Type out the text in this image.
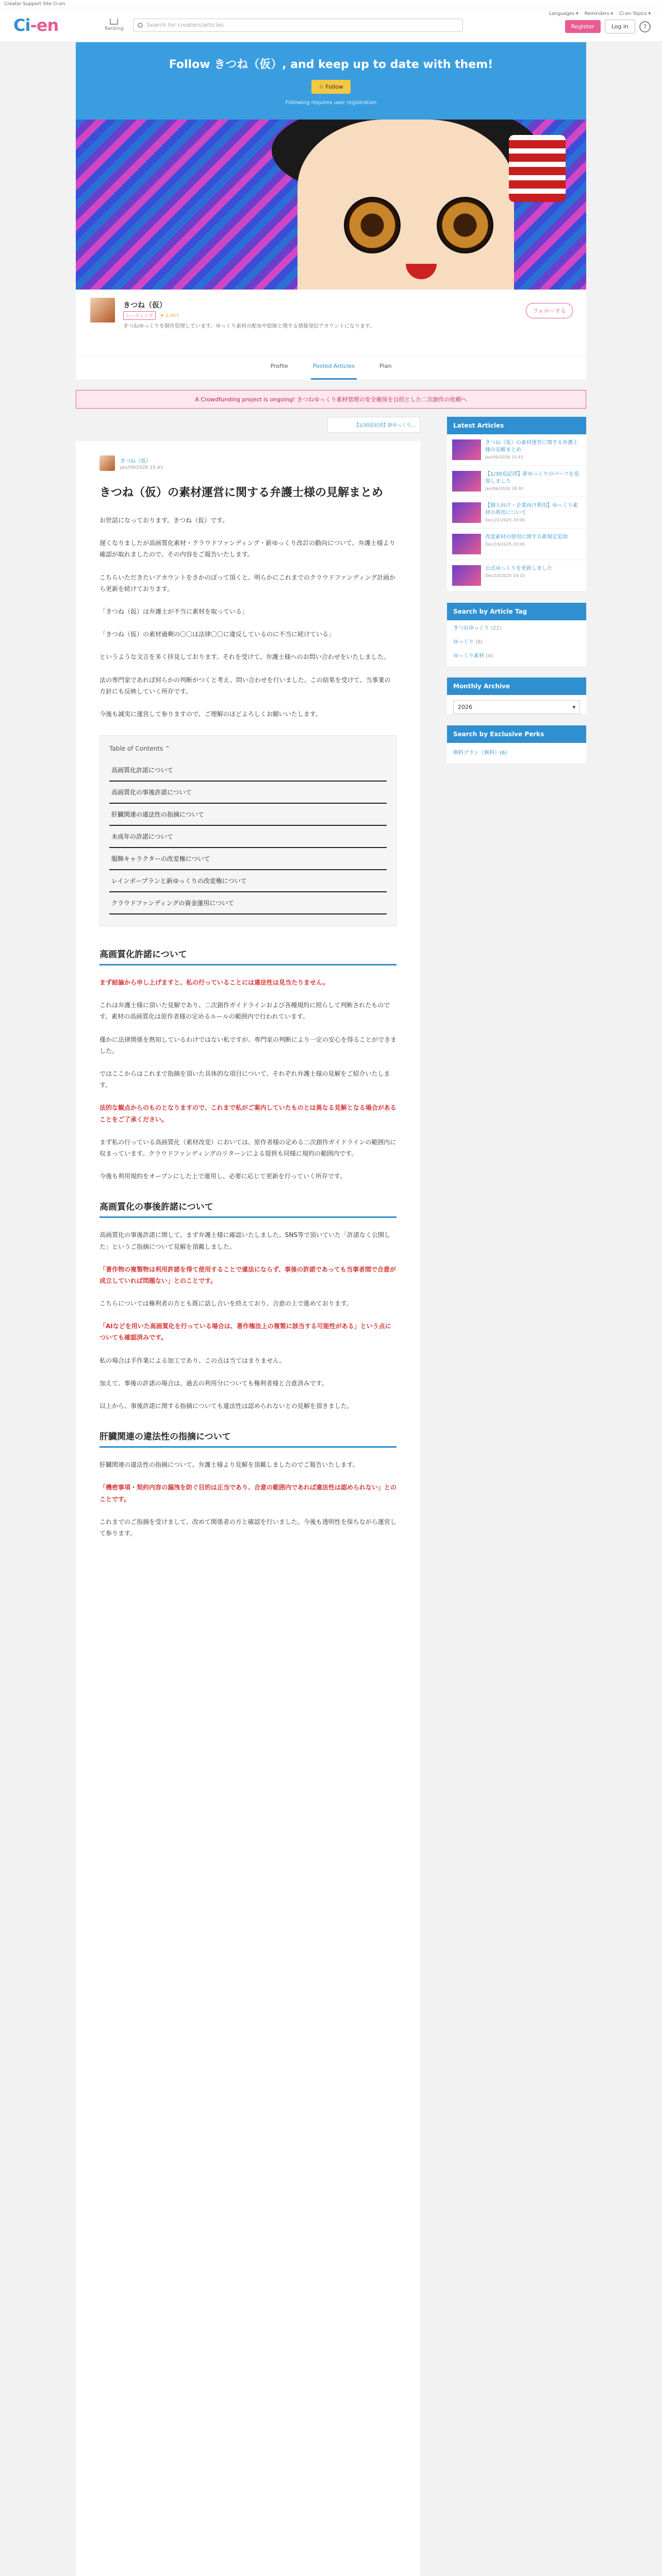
Creator Support Site Ci-en
Ci-en	Ranking
Search for creators/articles
Languages ▾ Reminders ▾ Ci-en Topics ▾
Register	Log in	?
Follow きつね（仮）, and keep up to date with them!
☆ Follow
Following requires user registration
きつね（仮）
レーティング	★ 1,067
きつねゆっくりを制作管理しています。ゆっくり素材の配布や絵師と関する情報発信アカウントになります。
フォローする
Profile	Posted Articles	Plan
A Crowdfunding project is ongoing! きつねゆっくり素材管理の安全確保を目的とした二次創作の依頼へ
【1/30追記済】新ゆっくり…
きつね（仮）
Jan/09/2026 15:43
きつね（仮）の素材運営に関する弁護士様の見解まとめ

お世話になっております。きつね（仮）です。

遅くなりましたが高画質化素材・クラウドファンディング・新ゆっくり改訂の動向について、弁護士様より確認が取れましたので、その内容をご報告いたします。

こちらいただきたいアカウントをさかのぼって頂くと、明らかにこれまでのクラウドファンディング計画から更新を続けております。

「きつね（仮）は弁護士が不当に素材を取っている」

「きつね（仮）の素材過剰の〇〇は法律〇〇に違反しているのに不当に続けている」

というような文言を多く拝見しております。それを受けて、弁護士様へのお問い合わせをいたしました。

法の専門家であれば何らかの判断がつくと考え、問い合わせを行いました。この結果を受けて、当事業の方針にも反映していく所存です。

今後も誠実に運営して参りますので、ご理解のほどよろしくお願いいたします。

Table of Contents ⌃
高画質化許諾について
高画質化の事後許諾について
肝臓関連の違法性の指摘について
未成年の許諾について
服飾キャラクターの改変権について
レインボープランと新ゆっくりの改変権について
クラウドファンディングの資金運用について
高画質化許諾について

まず結論から申し上げますと、私の行っていることには違法性は見当たりません。

これは弁護士様に頂いた見解であり、二次創作ガイドラインおよび各種規約に照らして判断されたものです。素材の高画質化は原作者様の定めるルールの範囲内で行われています。

僅かに法律関係を熟知しているわけではない私ですが、専門家の判断により一定の安心を得ることができました。

ではここからはこれまで指摘を頂いた具体的な項目について、それぞれ弁護士様の見解をご紹介いたします。

法的な観点からのものとなりますので、これまで私がご案内していたものとは異なる見解となる場合があることをご了承ください。

まず私の行っている高画質化（素材改変）においては、原作者様の定める二次創作ガイドラインの範囲内に収まっています。クラウドファンディングのリターンによる提供も同様に規約の範囲内です。

今後も利用規約をオープンにした上で運用し、必要に応じて更新を行っていく所存です。

高画質化の事後許諾について

高画質化の事後許諾に関して、まず弁護士様に確認いたしました。SNS等で頂いていた「許諾なく公開した」というご指摘について見解を頂戴しました。

「著作物の複製物は利用許諾を得て使用することで違法にならず、事後の許諾であっても当事者間で合意が成立していれば問題ない」とのことです。

こちらについては権利者の方とも既に話し合いを終えており、合意の上で進めております。

「AIなどを用いた高画質化を行っている場合は、著作権法上の複製に該当する可能性がある」という点についても確認済みです。

私の場合は手作業による加工であり、この点は当てはまりません。

加えて、事後の許諾の場合は、過去の利用分についても権利者様と合意済みです。

以上から、事後許諾に関する指摘についても違法性は認められないとの見解を頂きました。

肝臓関連の違法性の指摘について

肝臓関連の違法性の指摘について、弁護士様より見解を頂戴しましたのでご報告いたします。

「機密事項・契約内容の漏洩を防ぐ目的は正当であり、合意の範囲内であれば違法性は認められない」とのことです。

これまでのご指摘を受けまして、改めて関係者の方と確認を行いました。今後も透明性を保ちながら運営して参ります。

Latest Articles
きつね（仮）の素材運営に関する弁護士様の見解まとめ
Jan/09/2026 15:43
【1/30追記済】新ゆっくりのパーツを追加しました
Jan/06/2026 18:30
【個人向け・企業向け利用】ゆっくり素材の利用について
Dec/22/2025 20:00
改変素材の使用に関する新規定追加
Dec/19/2025 20:00
公式ゆっくりを更新しました
Dec/10/2025 14:10
Search by Article Tag
きつねゆっくり (22)
ゆっくり (8)
ゆっくり素材 (4)
Monthly Archive
2026	▾
Search by Exclusive Perks
無料プラン（無料）(6)
